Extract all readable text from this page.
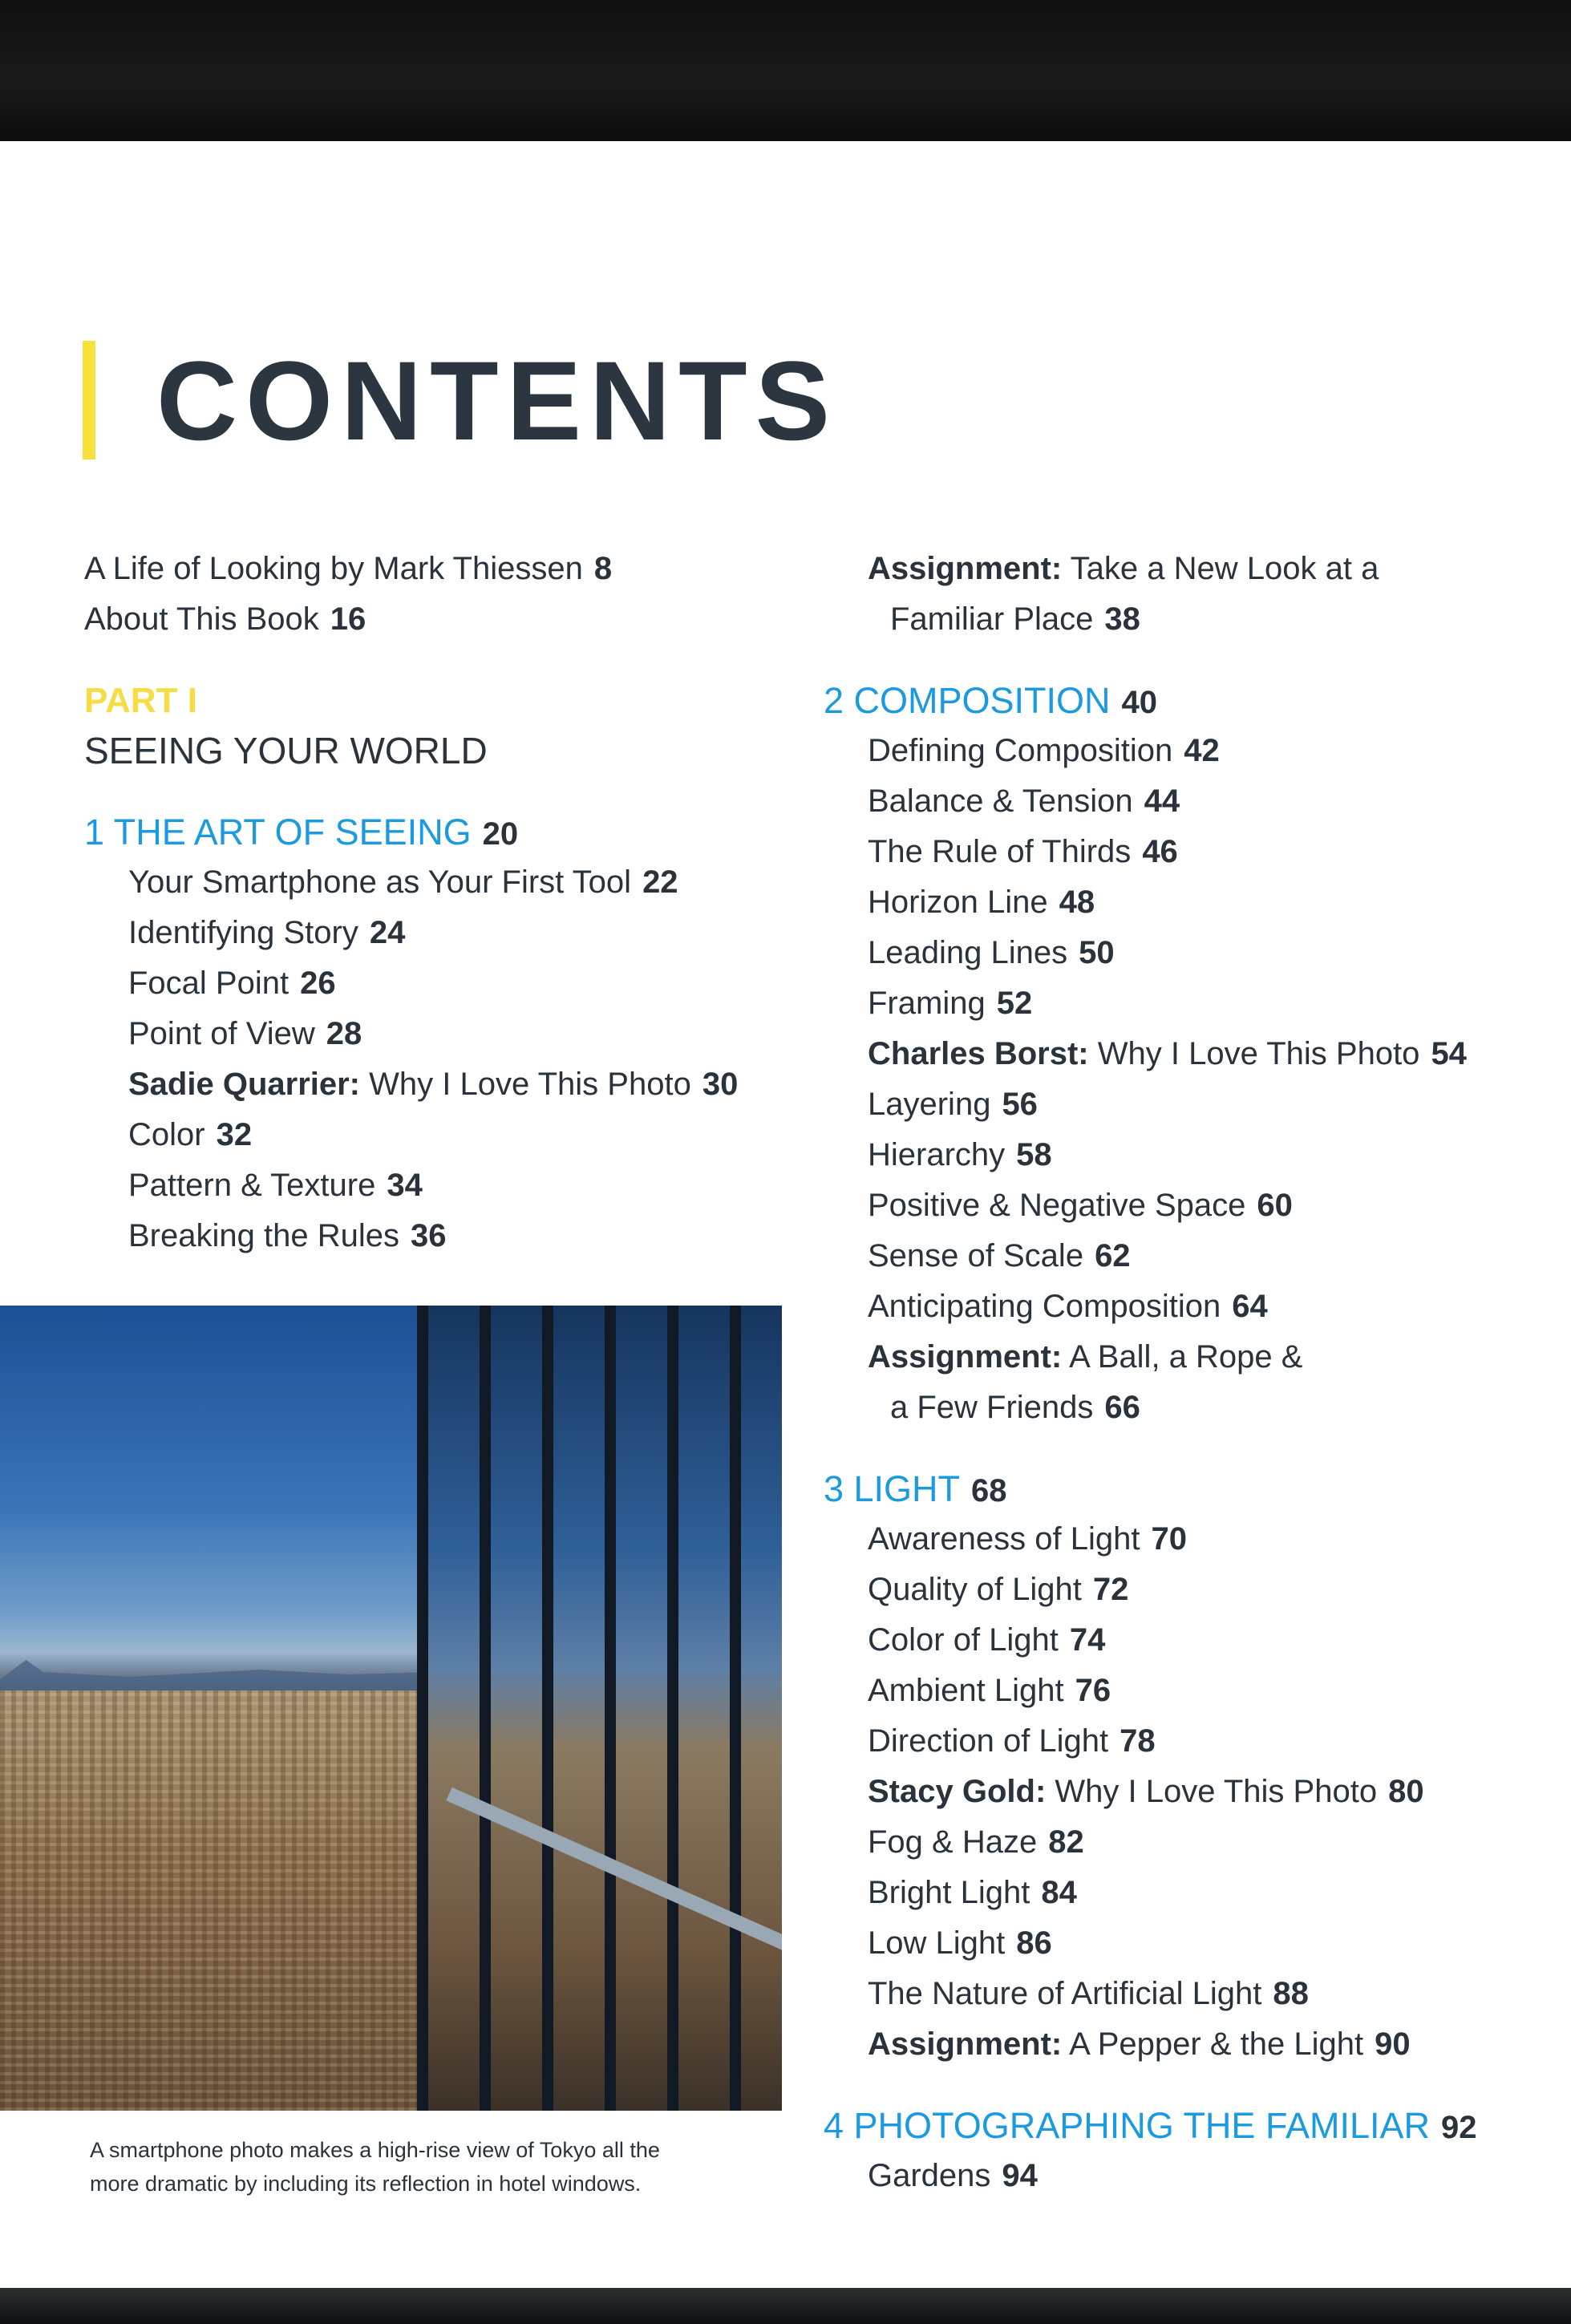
CONTENTS
A Life of Looking by Mark Thiessen 8
About This Book 16
PART I
SEEING YOUR WORLD
1 THE ART OF SEEING 20
Your Smartphone as Your First Tool 22
Identifying Story 24
Focal Point 26
Point of View 28
Sadie Quarrier: Why I Love This Photo 30
Color 32
Pattern & Texture 34
Breaking the Rules 36
Assignment: Take a New Look at a
Familiar Place 38
2 COMPOSITION 40
Defining Composition 42
Balance & Tension 44
The Rule of Thirds 46
Horizon Line 48
Leading Lines 50
Framing 52
Charles Borst: Why I Love This Photo 54
Layering 56
Hierarchy 58
Positive & Negative Space 60
Sense of Scale 62
Anticipating Composition 64
Assignment: A Ball, a Rope &
a Few Friends 66
3 LIGHT 68
Awareness of Light 70
Quality of Light 72
Color of Light 74
Ambient Light 76
Direction of Light 78
Stacy Gold: Why I Love This Photo 80
Fog & Haze 82
Bright Light 84
Low Light 86
The Nature of Artificial Light 88
Assignment: A Pepper & the Light 90
4 PHOTOGRAPHING THE FAMILIAR 92
Gardens 94
A smartphone photo makes a high-rise view of Tokyo all the
more dramatic by including its reflection in hotel windows.
